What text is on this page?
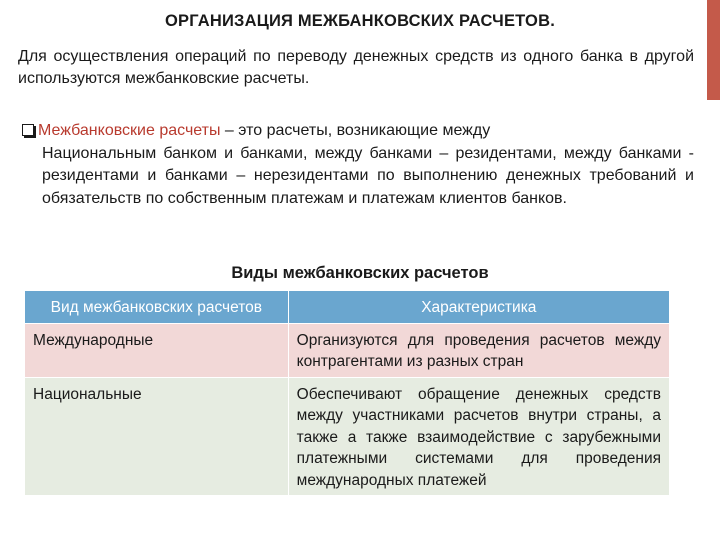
ОРГАНИЗАЦИЯ МЕЖБАНКОВСКИХ РАСЧЕТОВ.
Для осуществления операций по переводу денежных средств из одного банка в другой используются межбанковские расчеты.
Межбанковские расчеты – это расчеты, возникающие между
Национальным банком и банками, между банками – резидентами, между банками - резидентами и банками – нерезидентами по выполнению денежных требований и обязательств по собственным платежам и платежам клиентов банков.
Виды межбанковских расчетов
Вид межбанковских расчетов	Характеристика
Международные	Организуются для проведения расчетов между контрагентами из разных стран
Национальные	Обеспечивают обращение денежных средств между участниками расчетов внутри страны, а также а также взаимодействие с зарубежными платежными системами для проведения международных платежей
